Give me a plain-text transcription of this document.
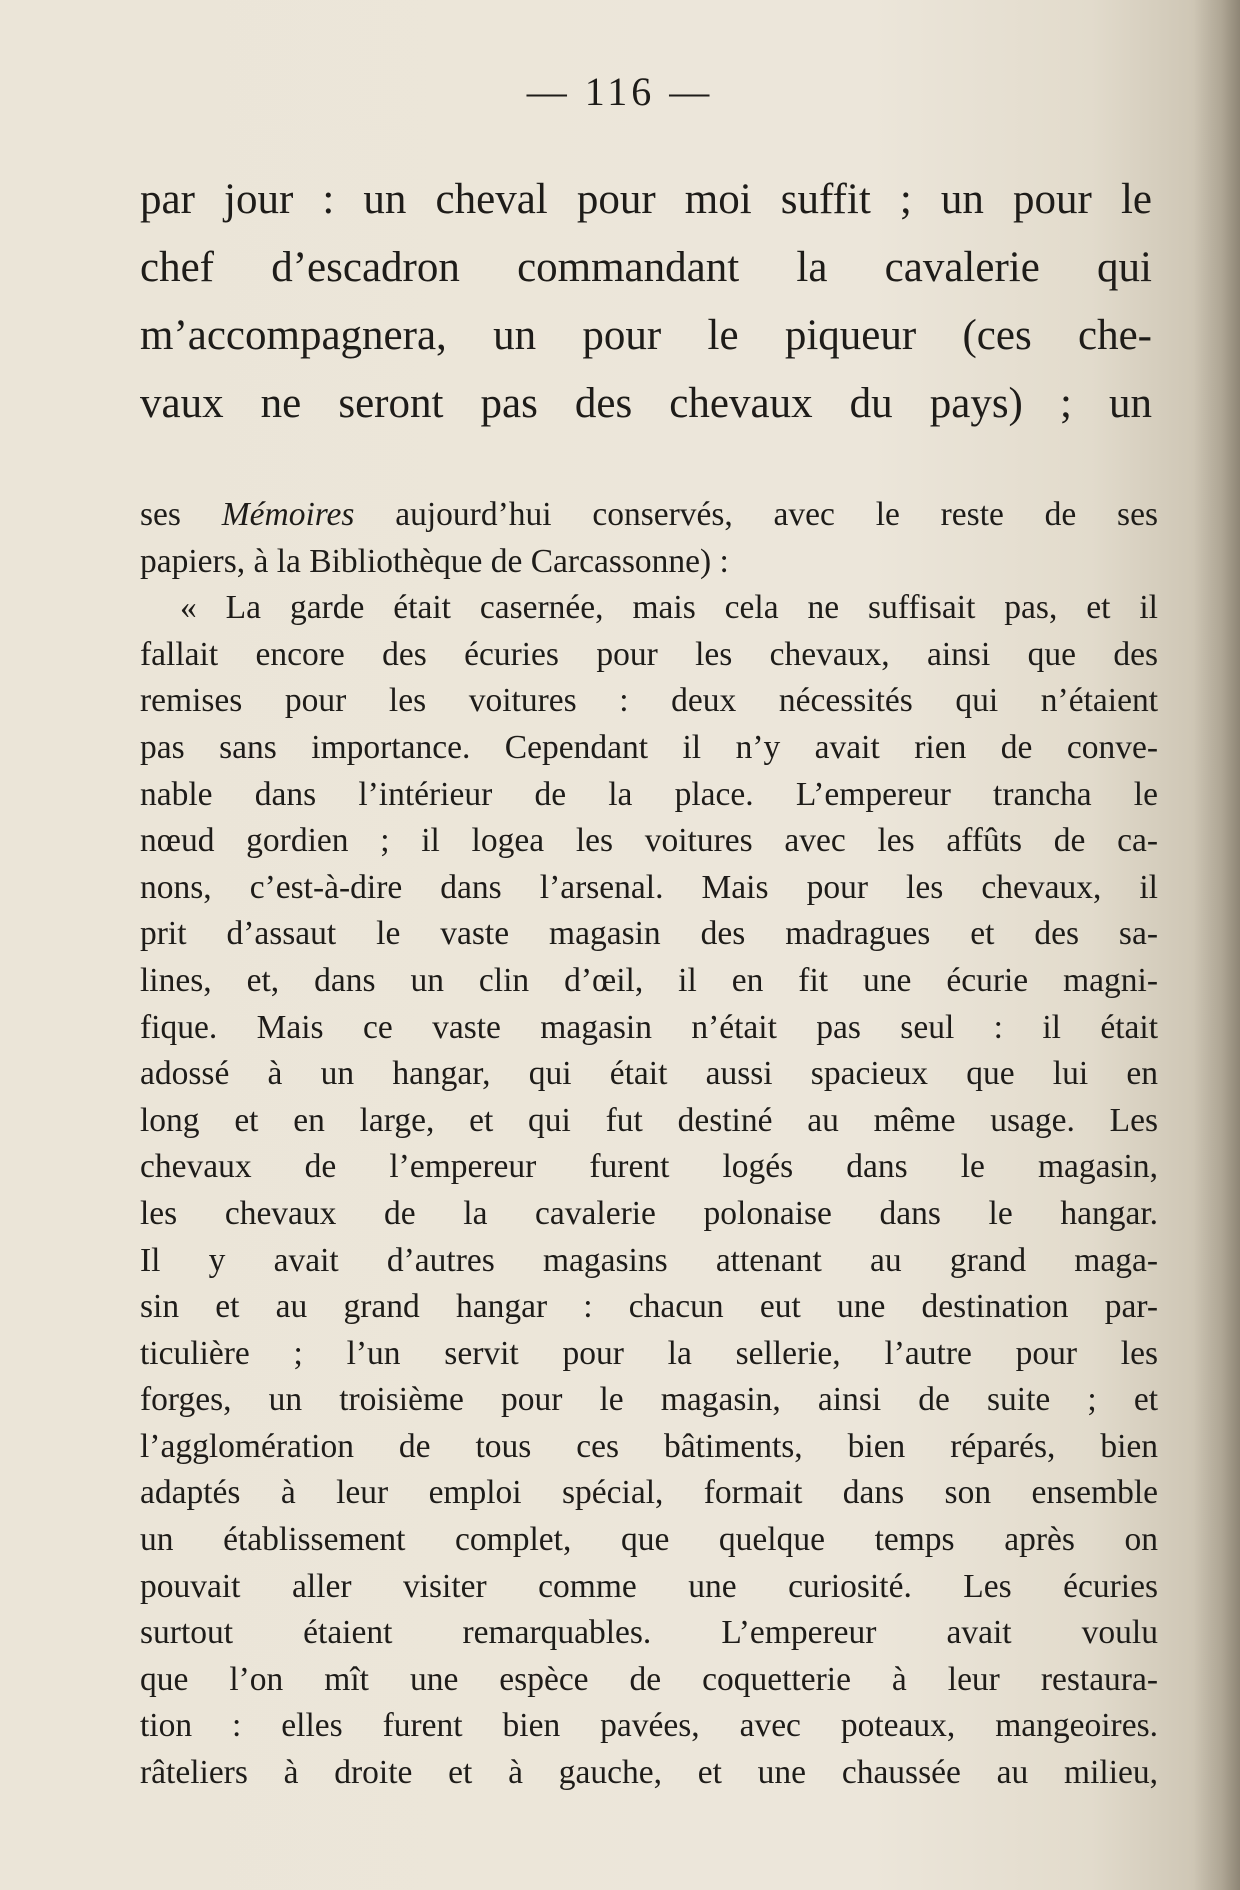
— 116 —
par jour : un cheval pour moi suffit ; un pour le
chef d’escadron commandant la cavalerie qui
m’accompagnera, un pour le piqueur (ces che-
vaux ne seront pas des chevaux du pays) ; un
ses Mémoires aujourd’hui conservés, avec le reste de ses
papiers, à la Bibliothèque de Carcassonne) :
« La garde était casernée, mais cela ne suffisait pas, et il
fallait encore des écuries pour les chevaux, ainsi que des
remises pour les voitures : deux nécessités qui n’étaient
pas sans importance. Cependant il n’y avait rien de conve-
nable dans l’intérieur de la place. L’empereur trancha le
nœud gordien ; il logea les voitures avec les affûts de ca-
nons, c’est-à-dire dans l’arsenal. Mais pour les chevaux, il
prit d’assaut le vaste magasin des madragues et des sa-
lines, et, dans un clin d’œil, il en fit une écurie magni-
fique. Mais ce vaste magasin n’était pas seul : il était
adossé à un hangar, qui était aussi spacieux que lui en
long et en large, et qui fut destiné au même usage. Les
chevaux de l’empereur furent logés dans le magasin,
les chevaux de la cavalerie polonaise dans le hangar.
Il y avait d’autres magasins attenant au grand maga-
sin et au grand hangar : chacun eut une destination par-
ticulière ; l’un servit pour la sellerie, l’autre pour les
forges, un troisième pour le magasin, ainsi de suite ; et
l’agglomération de tous ces bâtiments, bien réparés, bien
adaptés à leur emploi spécial, formait dans son ensemble
un établissement complet, que quelque temps après on
pouvait aller visiter comme une curiosité. Les écuries
surtout étaient remarquables. L’empereur avait voulu
que l’on mît une espèce de coquetterie à leur restaura-
tion : elles furent bien pavées, avec poteaux, mangeoires.
râteliers à droite et à gauche, et une chaussée au milieu,
